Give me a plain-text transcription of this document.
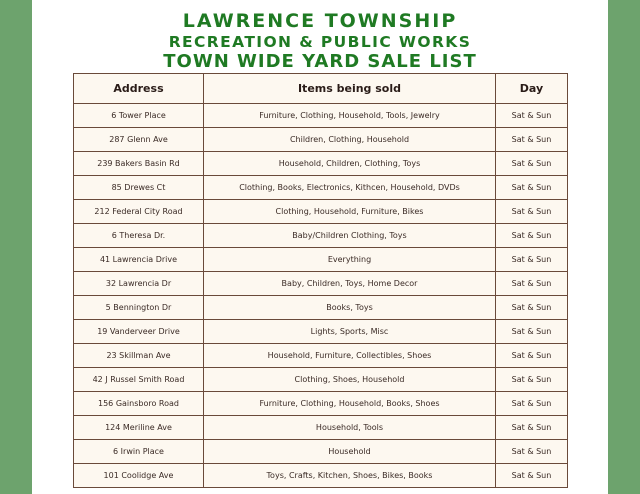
LAWRENCE TOWNSHIP
RECREATION & PUBLIC WORKS
TOWN WIDE YARD SALE LIST
Address	Items being sold	Day
6 Tower Place	Furniture, Clothing, Household, Tools, Jewelry	Sat & Sun
287 Glenn Ave	Children, Clothing, Household	Sat & Sun
239 Bakers Basin Rd	Household, Children, Clothing, Toys	Sat & Sun
85 Drewes Ct	Clothing, Books, Electronics, Kithcen, Household, DVDs	Sat & Sun
212 Federal City Road	Clothing, Household, Furniture, Bikes	Sat & Sun
6 Theresa Dr.	Baby/Children Clothing, Toys	Sat & Sun
41 Lawrencia Drive	Everything	Sat & Sun
32 Lawrencia Dr	Baby, Children, Toys, Home Decor	Sat & Sun
5 Bennington Dr	Books, Toys	Sat & Sun
19 Vanderveer Drive	Lights, Sports, Misc	Sat & Sun
23 Skillman Ave	Household, Furniture, Collectibles, Shoes	Sat & Sun
42 J Russel Smith Road	Clothing, Shoes, Household	Sat & Sun
156 Gainsboro Road	Furniture, Clothing, Household, Books, Shoes	Sat & Sun
124 Meriline Ave	Household, Tools	Sat & Sun
6 Irwin Place	Household	Sat & Sun
101 Coolidge Ave	Toys, Crafts, Kitchen, Shoes, Bikes, Books	Sat & Sun
